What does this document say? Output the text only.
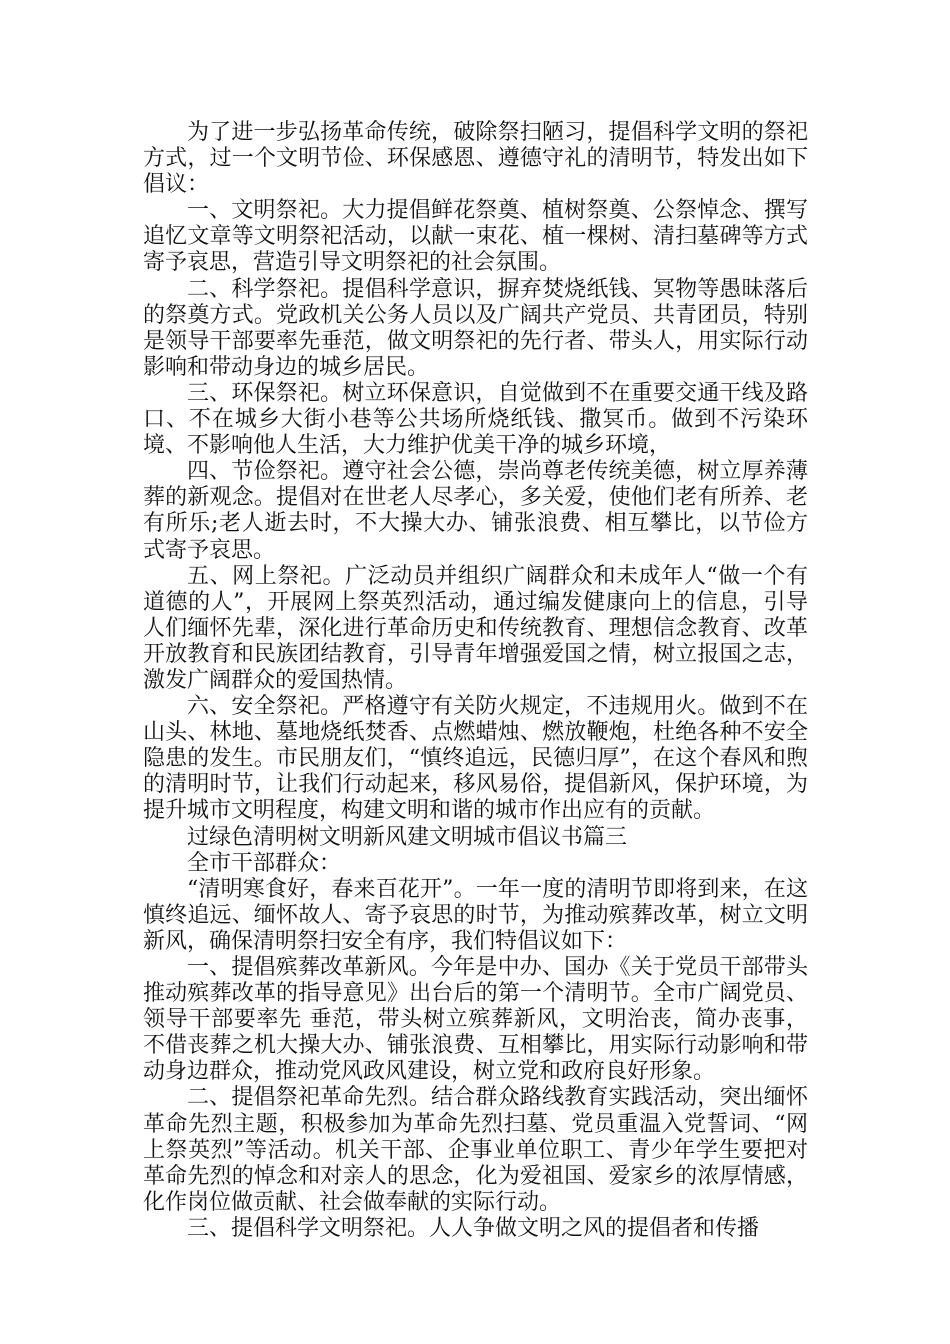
为了进一步弘扬革命传统，破除祭扫陋习，提倡科学文明的祭祀方式，过一个文明节俭、环保感恩、遵德守礼的清明节，特发出如下倡议：

一、文明祭祀。大力提倡鲜花祭奠、植树祭奠、公祭悼念、撰写追忆文章等文明祭祀活动，以献一束花、植一棵树、清扫墓碑等方式寄予哀思，营造引导文明祭祀的社会氛围。

二、科学祭祀。提倡科学意识，摒弃焚烧纸钱、冥物等愚昧落后的祭奠方式。党政机关公务人员以及广阔共产党员、共青团员，特别是领导干部要率先垂范，做文明祭祀的先行者、带头人，用实际行动影响和带动身边的城乡居民。

三、环保祭祀。树立环保意识，自觉做到不在重要交通干线及路口、不在城乡大街小巷等公共场所烧纸钱、撒冥币。做到不污染环境、不影响他人生活，大力维护优美干净的城乡环境，

四、节俭祭祀。遵守社会公德，崇尚尊老传统美德，树立厚养薄葬的新观念。提倡对在世老人尽孝心，多关爱，使他们老有所养、老有所乐;老人逝去时，不大操大办、铺张浪费、相互攀比，以节俭方式寄予哀思。

五、网上祭祀。广泛动员并组织广阔群众和未成年人“做一个有道德的人”，开展网上祭英烈活动，通过编发健康向上的信息，引导人们缅怀先辈，深化进行革命历史和传统教育、理想信念教育、改革开放教育和民族团结教育，引导青年增强爱国之情，树立报国之志，激发广阔群众的爱国热情。

六、安全祭祀。严格遵守有关防火规定，不违规用火。做到不在山头、林地、墓地烧纸焚香、点燃蜡烛、燃放鞭炮，杜绝各种不安全隐患的发生。市民朋友们，“慎终追远，民德归厚”，在这个春风和煦的清明时节，让我们行动起来，移风易俗，提倡新风，保护环境，为提升城市文明程度，构建文明和谐的城市作出应有的贡献。

过绿色清明树文明新风建文明城市倡议书篇三

全市干部群众：

“清明寒食好，春来百花开”。一年一度的清明节即将到来，在这慎终追远、缅怀故人、寄予哀思的时节，为推动殡葬改革，树立文明新风，确保清明祭扫安全有序，我们特倡议如下：

一、提倡殡葬改革新风。今年是中办、国办《关于党员干部带头推动殡葬改革的指导意见》出台后的第一个清明节。全市广阔党员、领导干部要率先 垂范，带头树立殡葬新风，文明治丧，简办丧事，不借丧葬之机大操大办、铺张浪费、互相攀比，用实际行动影响和带动身边群众，推动党风政风建设，树立党和政府良好形象。

二、提倡祭祀革命先烈。结合群众路线教育实践活动，突出缅怀革命先烈主题，积极参加为革命先烈扫墓、党员重温入党誓词、“网上祭英烈”等活动。机关干部、企事业单位职工、青少年学生要把对革命先烈的悼念和对亲人的思念，化为爱祖国、爱家乡的浓厚情感，化作岗位做贡献、社会做奉献的实际行动。

三、提倡科学文明祭祀。人人争做文明之风的提倡者和传播
